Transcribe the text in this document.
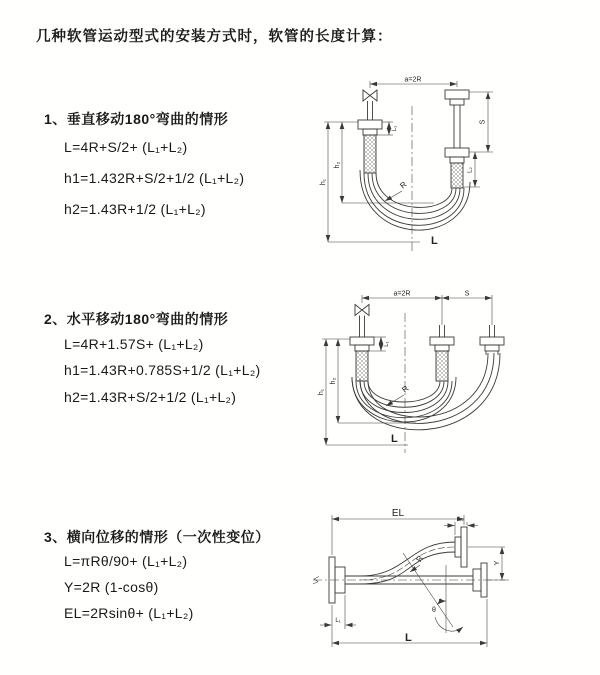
几种软管运动型式的安装方式时，软管的长度计算：
1、垂直移动180°弯曲的情形
L=4R+S/2+ (L₁+L₂)
h1=1.432R+S/2+1/2 (L₁+L₂)
h2=1.43R+1/2 (L₁+L₂)
2、水平移动180°弯曲的情形
L=4R+1.57S+ (L₁+L₂)
h1=1.43R+0.785S+1/2 (L₁+L₂)
h2=1.43R+S/2+1/2 (L₁+L₂)
3、横向位移的情形（一次性变位）
L=πRθ/90+ (L₁+L₂)
Y=2R (1-cosθ)
EL=2Rsinθ+ (L₁+L₂)
a=2R
S
L₂
h₁
h₂
L₁
R
L
a=2R	S
h₁
h₂
L₁
R
L
EL
L₂
Y
R
θ
L
L₁
